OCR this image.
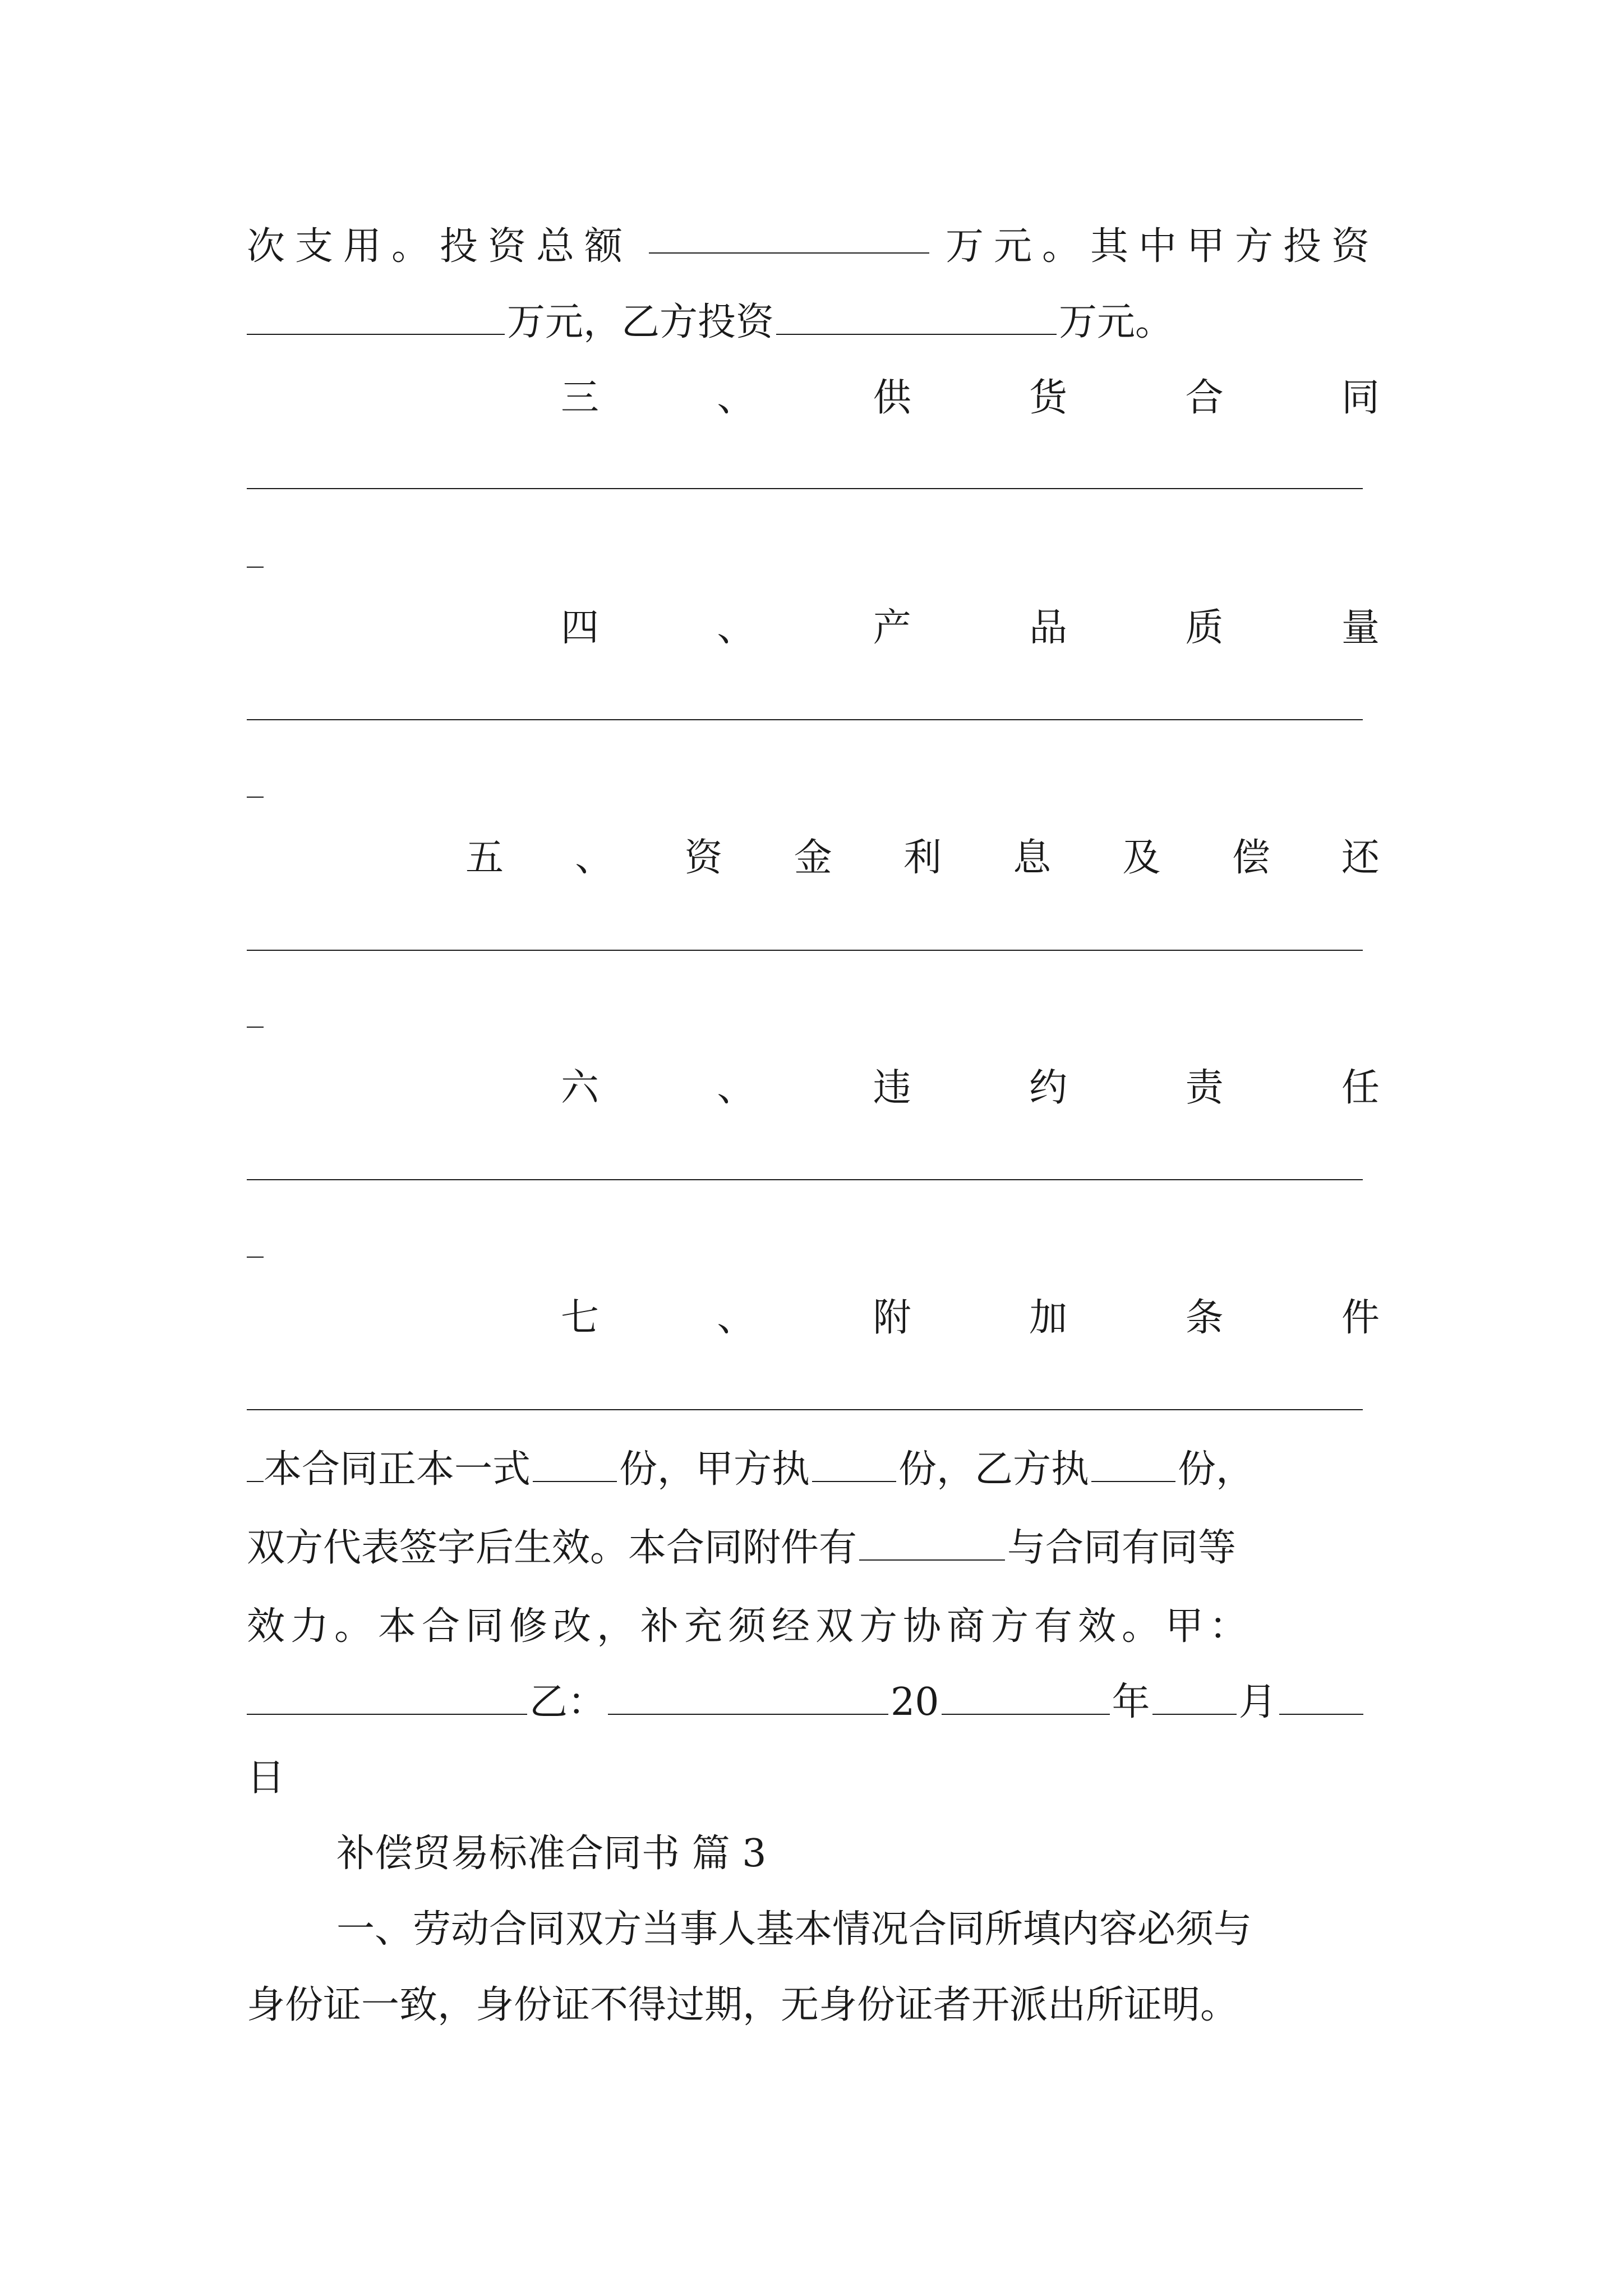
次支用。投资总额	万元。其中甲方投资
万元，乙方投资	万元。
三	、	供	货	合	同
四	、	产	品	质	量
五 、 资 金 利 息 及 偿 还
六	、	违	约	责	任
七	、	附	加	条	件
本合同正本一式 份，甲方执 份，乙方执 份，
双方代表签字后生效。本合同附件有	与合同有同等
效力。本合同修改，补充须经双方协商方有效。甲：
乙：	20	年 月
日
补偿贸易标准合同书 篇 3
一、劳动合同双方当事人基本情况合同所填内容必须与
身份证一致，身份证不得过期，无身份证者开派出所证明。
